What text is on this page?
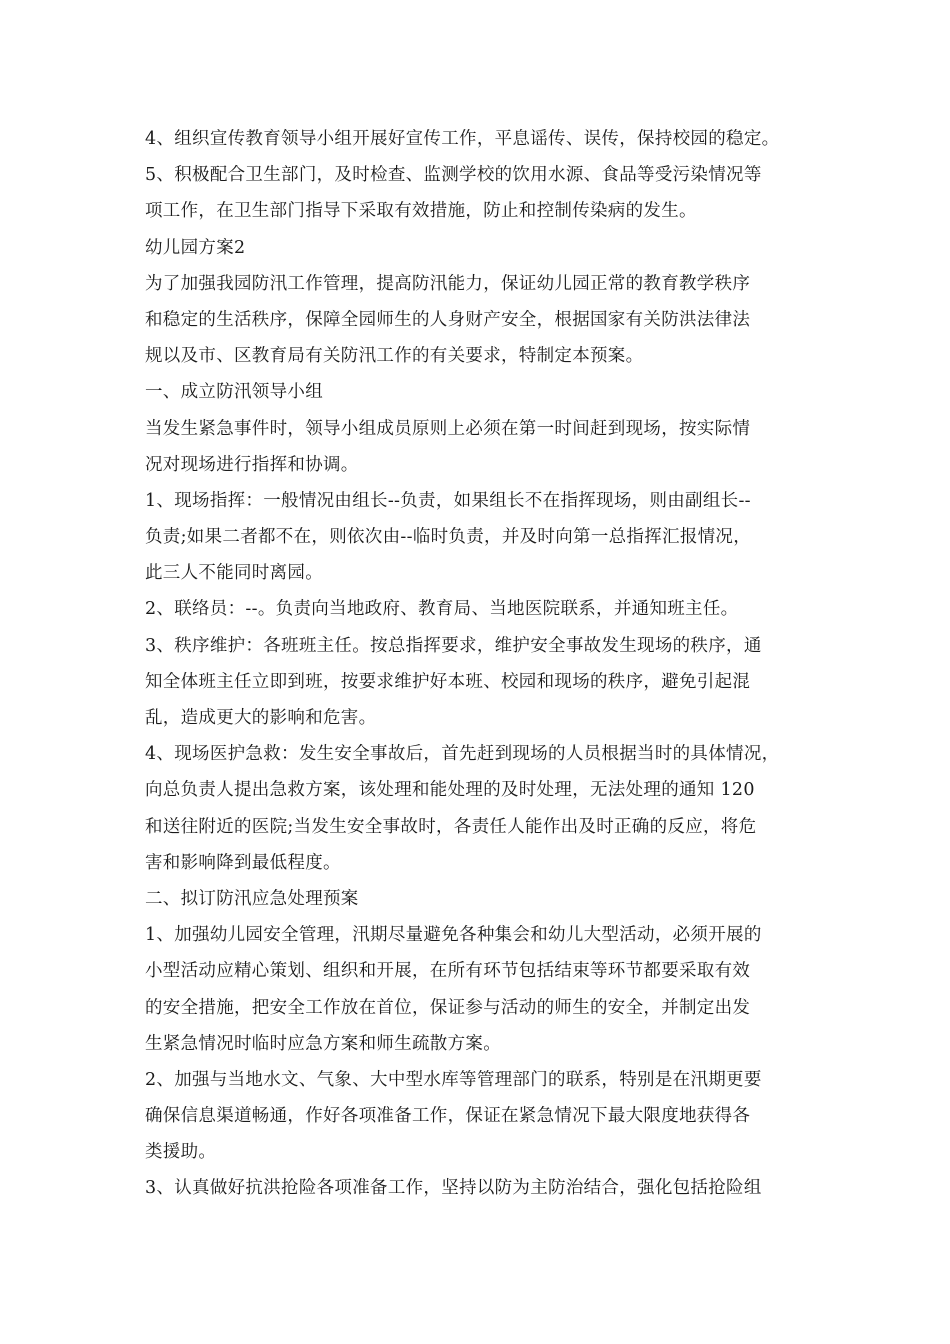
4、组织宣传教育领导小组开展好宣传工作，平息谣传、误传，保持校园的稳定。
5、积极配合卫生部门，及时检查、监测学校的饮用水源、食品等受污染情况等
项工作，在卫生部门指导下采取有效措施，防止和控制传染病的发生。
幼儿园方案2
为了加强我园防汛工作管理，提高防汛能力，保证幼儿园正常的教育教学秩序
和稳定的生活秩序，保障全园师生的人身财产安全，根据国家有关防洪法律法
规以及市、区教育局有关防汛工作的有关要求，特制定本预案。
一、成立防汛领导小组
当发生紧急事件时，领导小组成员原则上必须在第一时间赶到现场，按实际情
况对现场进行指挥和协调。
1、现场指挥：一般情况由组长--负责，如果组长不在指挥现场，则由副组长--
负责;如果二者都不在，则依次由--临时负责，并及时向第一总指挥汇报情况，
此三人不能同时离园。
2、联络员：--。负责向当地政府、教育局、当地医院联系，并通知班主任。
3、秩序维护：各班班主任。按总指挥要求，维护安全事故发生现场的秩序，通
知全体班主任立即到班，按要求维护好本班、校园和现场的秩序，避免引起混
乱，造成更大的影响和危害。
4、现场医护急救：发生安全事故后，首先赶到现场的人员根据当时的具体情况，
向总负责人提出急救方案，该处理和能处理的及时处理，无法处理的通知 120
和送往附近的医院;当发生安全事故时，各责任人能作出及时正确的反应，将危
害和影响降到最低程度。
二、拟订防汛应急处理预案
1、加强幼儿园安全管理，汛期尽量避免各种集会和幼儿大型活动，必须开展的
小型活动应精心策划、组织和开展，在所有环节包括结束等环节都要采取有效
的安全措施，把安全工作放在首位，保证参与活动的师生的安全，并制定出发
生紧急情况时临时应急方案和师生疏散方案。
2、加强与当地水文、气象、大中型水库等管理部门的联系，特别是在汛期更要
确保信息渠道畅通，作好各项准备工作，保证在紧急情况下最大限度地获得各
类援助。
3、认真做好抗洪抢险各项准备工作，坚持以防为主防治结合，强化包括抢险组
